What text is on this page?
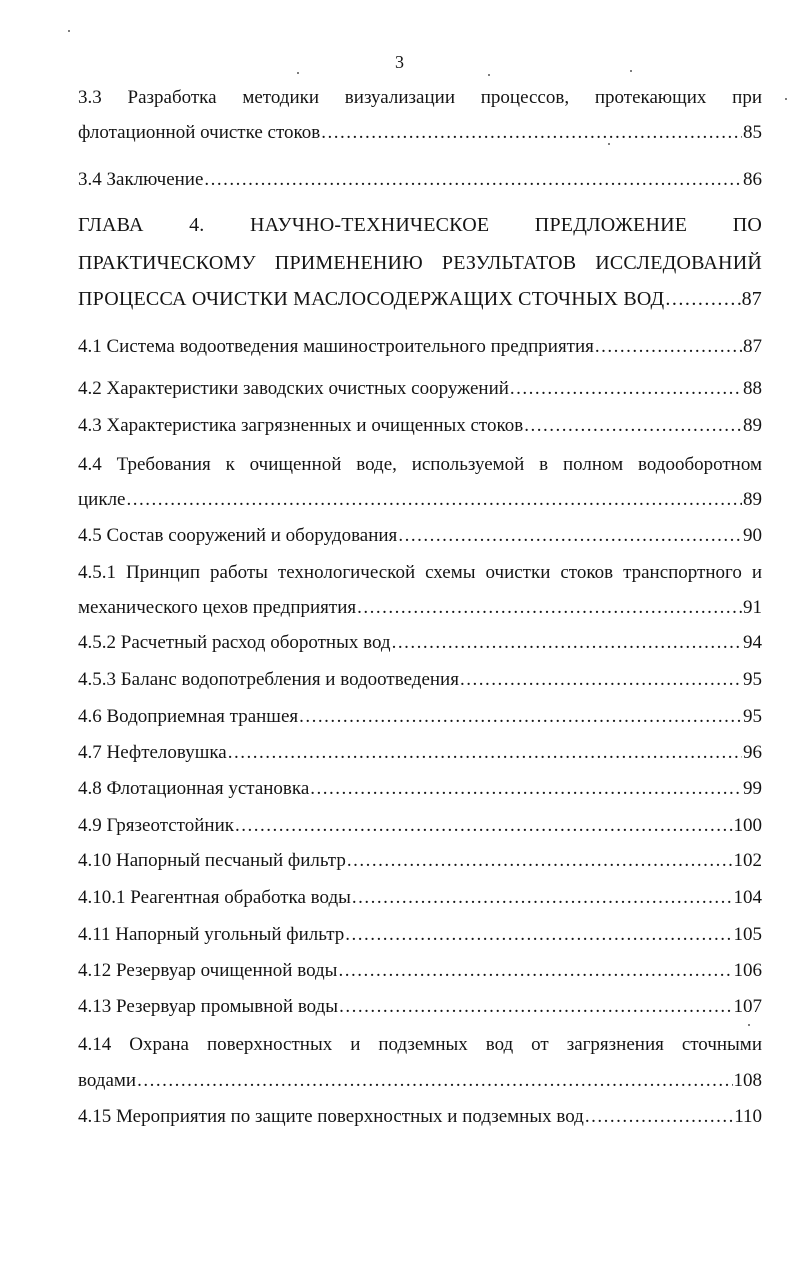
3
3.3 Разработка методики визуализации процессов, протекающих при
флотационной очистке стоков .....	85
3.4 Заключение .....	86
ГЛАВА 4. НАУЧНО-ТЕХНИЧЕСКОЕ ПРЕДЛОЖЕНИЕ ПО
ПРАКТИЧЕСКОМУ ПРИМЕНЕНИЮ РЕЗУЛЬТАТОВ ИССЛЕДОВАНИЙ
ПРОЦЕССА ОЧИСТКИ МАСЛОСОДЕРЖАЩИХ СТОЧНЫХ ВОД .....	87
4.1 Система водоотведения машиностроительного предприятия .....	87
4.2 Характеристики заводских очистных сооружений .....	88
4.3 Характеристика загрязненных и очищенных стоков .....	89
4.4 Требования к очищенной воде, используемой в полном водооборотном
цикле .....	89
4.5 Состав сооружений и оборудования .....	90
4.5.1 Принцип работы технологической схемы очистки стоков транспортного и
механического цехов предприятия .....	91
4.5.2 Расчетный расход оборотных вод .....	94
4.5.3 Баланс водопотребления и водоотведения .....	95
4.6 Водоприемная траншея .....	95
4.7 Нефтеловушка .....	96
4.8 Флотационная установка .....	99
4.9 Грязеотстойник .....	100
4.10 Напорный песчаный фильтр .....	102
4.10.1 Реагентная обработка воды .....	104
4.11 Напорный угольный фильтр .....	105
4.12 Резервуар очищенной воды .....	106
4.13 Резервуар промывной воды .....	107
4.14 Охрана поверхностных и подземных вод от загрязнения сточными
водами .....	108
4.15 Мероприятия по защите поверхностных и подземных вод .....	110
